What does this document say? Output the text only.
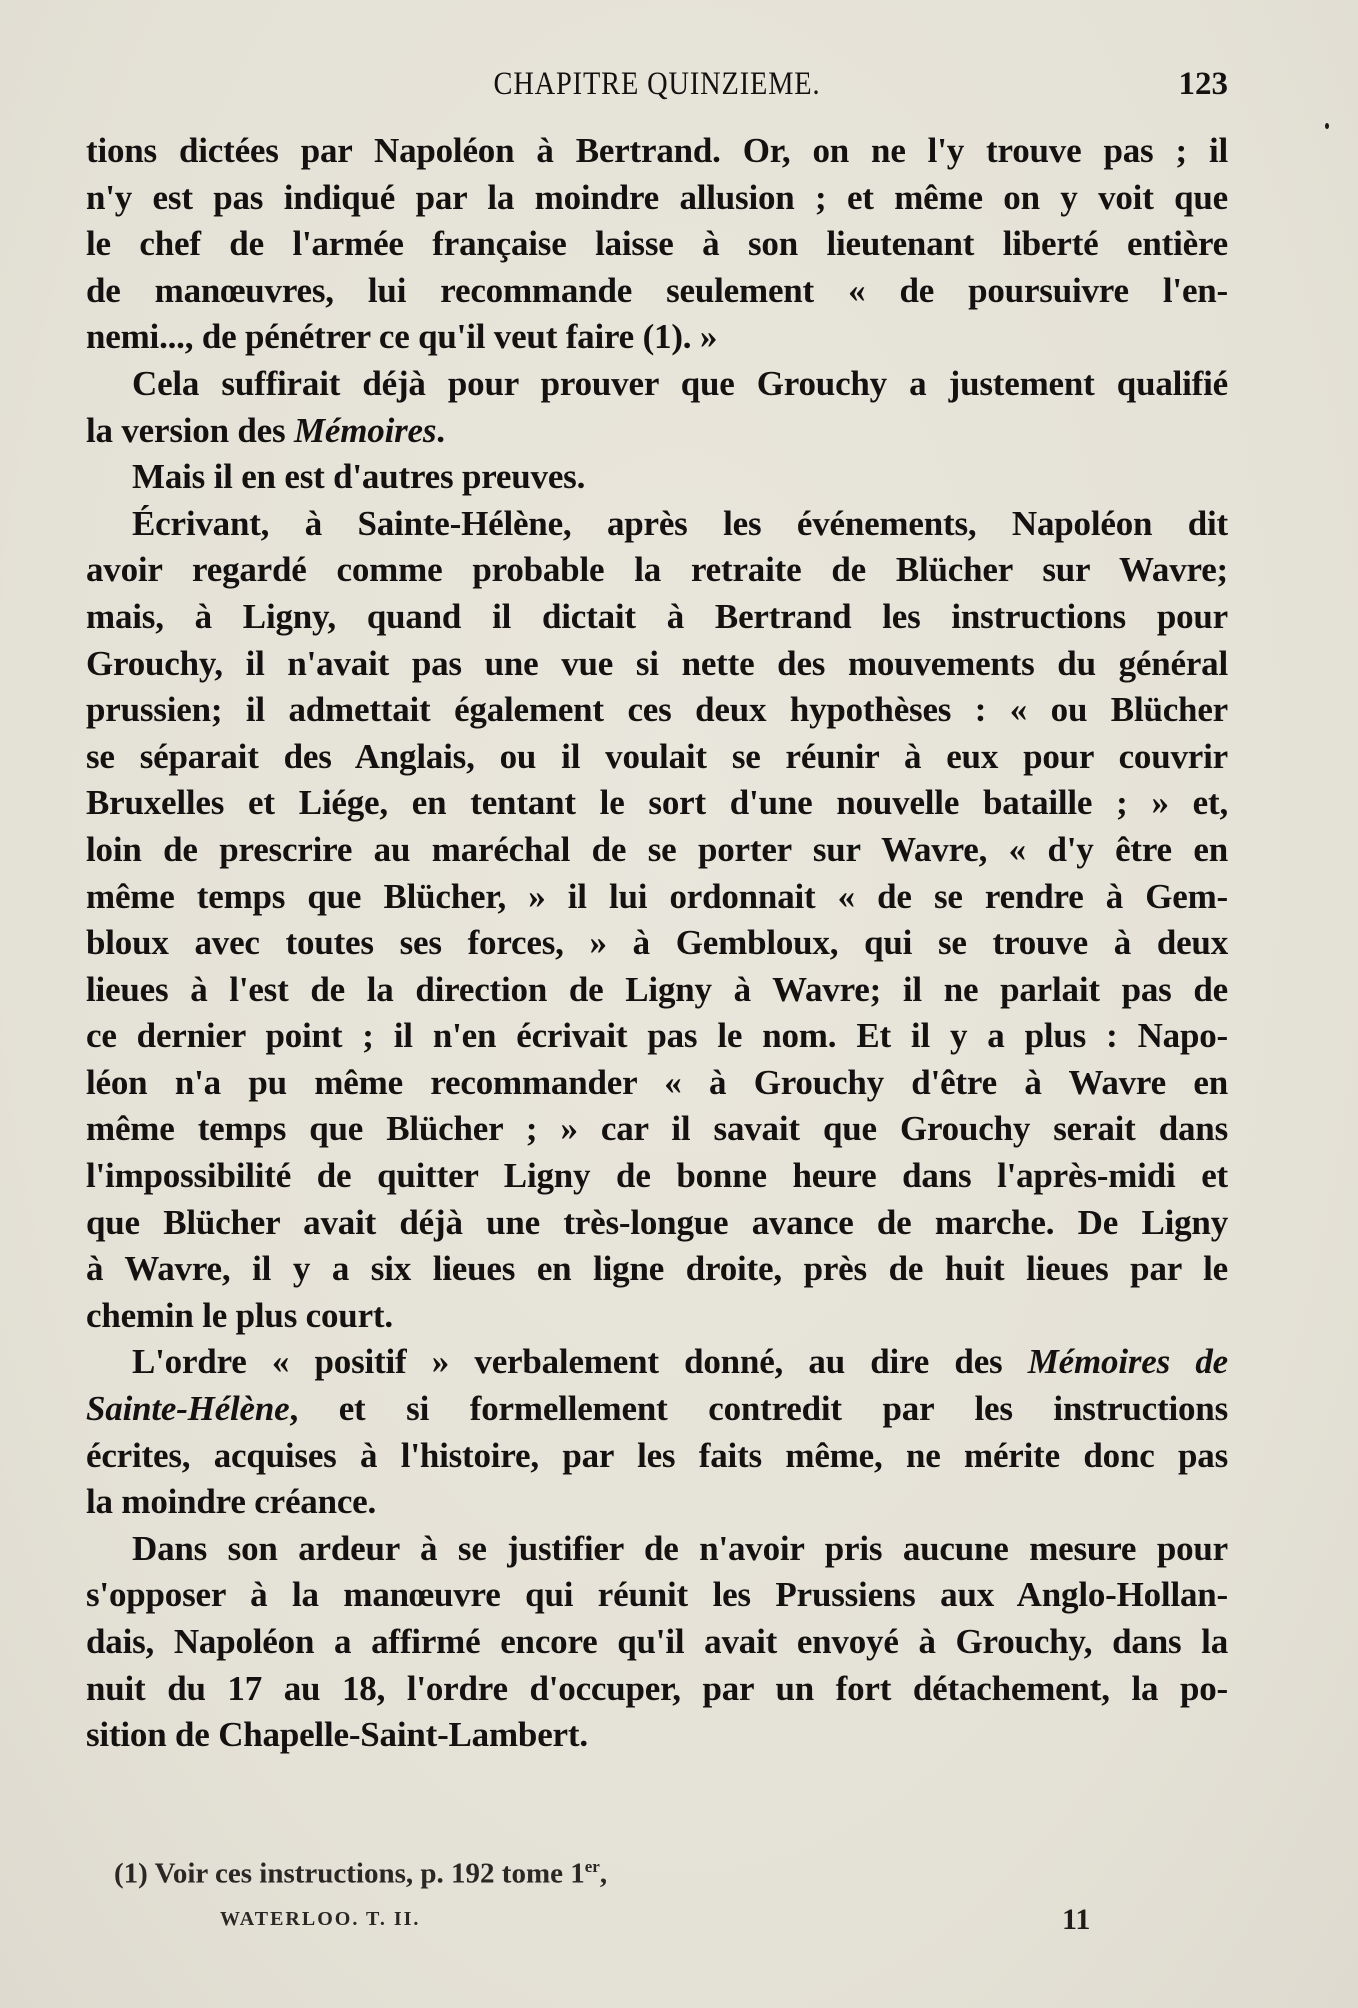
CHAPITRE QUINZIEME.	123
tions dictées par Napoléon à Bertrand. Or, on ne l'y trouve pas ; il
n'y est pas indiqué par la moindre allusion ; et même on y voit que
le chef de l'armée française laisse à son lieutenant liberté entière
de manœuvres, lui recommande seulement « de poursuivre l'en-
nemi..., de pénétrer ce qu'il veut faire (1). »
Cela suffirait déjà pour prouver que Grouchy a justement qualifié
la version des Mémoires.
Mais il en est d'autres preuves.
Écrivant, à Sainte-Hélène, après les événements, Napoléon dit
avoir regardé comme probable la retraite de Blücher sur Wavre;
mais, à Ligny, quand il dictait à Bertrand les instructions pour
Grouchy, il n'avait pas une vue si nette des mouvements du général
prussien; il admettait également ces deux hypothèses : « ou Blücher
se séparait des Anglais, ou il voulait se réunir à eux pour couvrir
Bruxelles et Liége, en tentant le sort d'une nouvelle bataille ; » et,
loin de prescrire au maréchal de se porter sur Wavre, « d'y être en
même temps que Blücher, » il lui ordonnait « de se rendre à Gem-
bloux avec toutes ses forces, » à Gembloux, qui se trouve à deux
lieues à l'est de la direction de Ligny à Wavre; il ne parlait pas de
ce dernier point ; il n'en écrivait pas le nom. Et il y a plus : Napo-
léon n'a pu même recommander « à Grouchy d'être à Wavre en
même temps que Blücher ; » car il savait que Grouchy serait dans
l'impossibilité de quitter Ligny de bonne heure dans l'après-midi et
que Blücher avait déjà une très-longue avance de marche. De Ligny
à Wavre, il y a six lieues en ligne droite, près de huit lieues par le
chemin le plus court.
L'ordre « positif » verbalement donné, au dire des Mémoires de
Sainte-Hélène, et si formellement contredit par les instructions
écrites, acquises à l'histoire, par les faits même, ne mérite donc pas
la moindre créance.
Dans son ardeur à se justifier de n'avoir pris aucune mesure pour
s'opposer à la manœuvre qui réunit les Prussiens aux Anglo-Hollan-
dais, Napoléon a affirmé encore qu'il avait envoyé à Grouchy, dans la
nuit du 17 au 18, l'ordre d'occuper, par un fort détachement, la po-
sition de Chapelle-Saint-Lambert.
(1) Voir ces instructions, p. 192 tome 1er,
WATERLOO. T. II.	11
